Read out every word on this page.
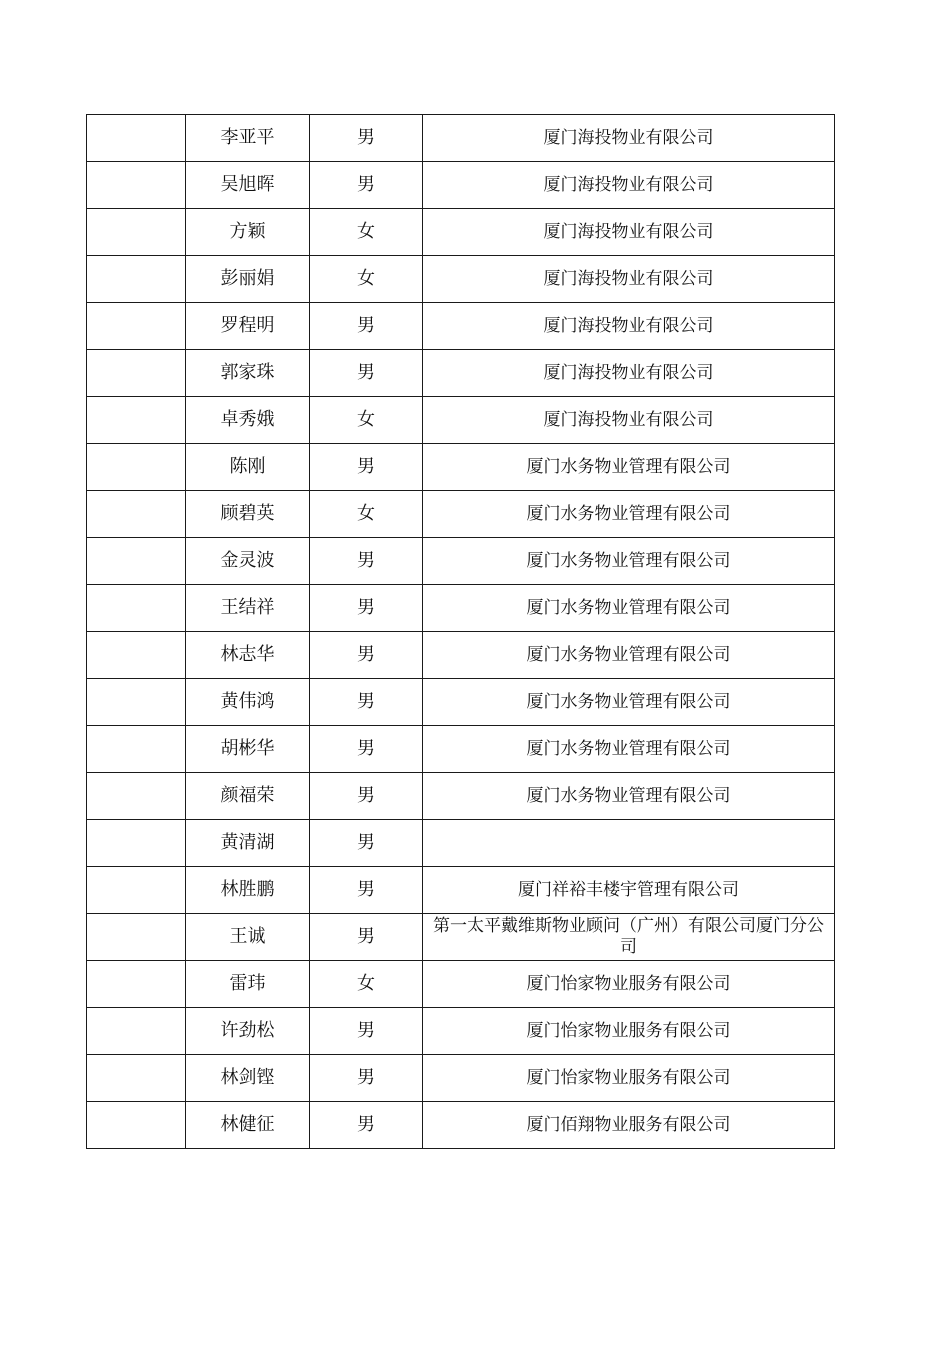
	李亚平	男	厦门海投物业有限公司
	吴旭晖	男	厦门海投物业有限公司
	方颖	女	厦门海投物业有限公司
	彭丽娟	女	厦门海投物业有限公司
	罗程明	男	厦门海投物业有限公司
	郭家珠	男	厦门海投物业有限公司
	卓秀娥	女	厦门海投物业有限公司
	陈刚	男	厦门水务物业管理有限公司
	顾碧英	女	厦门水务物业管理有限公司
	金灵波	男	厦门水务物业管理有限公司
	王结祥	男	厦门水务物业管理有限公司
	林志华	男	厦门水务物业管理有限公司
	黄伟鸿	男	厦门水务物业管理有限公司
	胡彬华	男	厦门水务物业管理有限公司
	颜福荣	男	厦门水务物业管理有限公司
	黄清湖	男	
	林胜鹏	男	厦门祥裕丰楼宇管理有限公司
	王诚	男	第一太平戴维斯物业顾问（广州）有限公司厦门分公司
	雷玮	女	厦门怡家物业服务有限公司
	许劲松	男	厦门怡家物业服务有限公司
	林剑铿	男	厦门怡家物业服务有限公司
	林健征	男	厦门佰翔物业服务有限公司
